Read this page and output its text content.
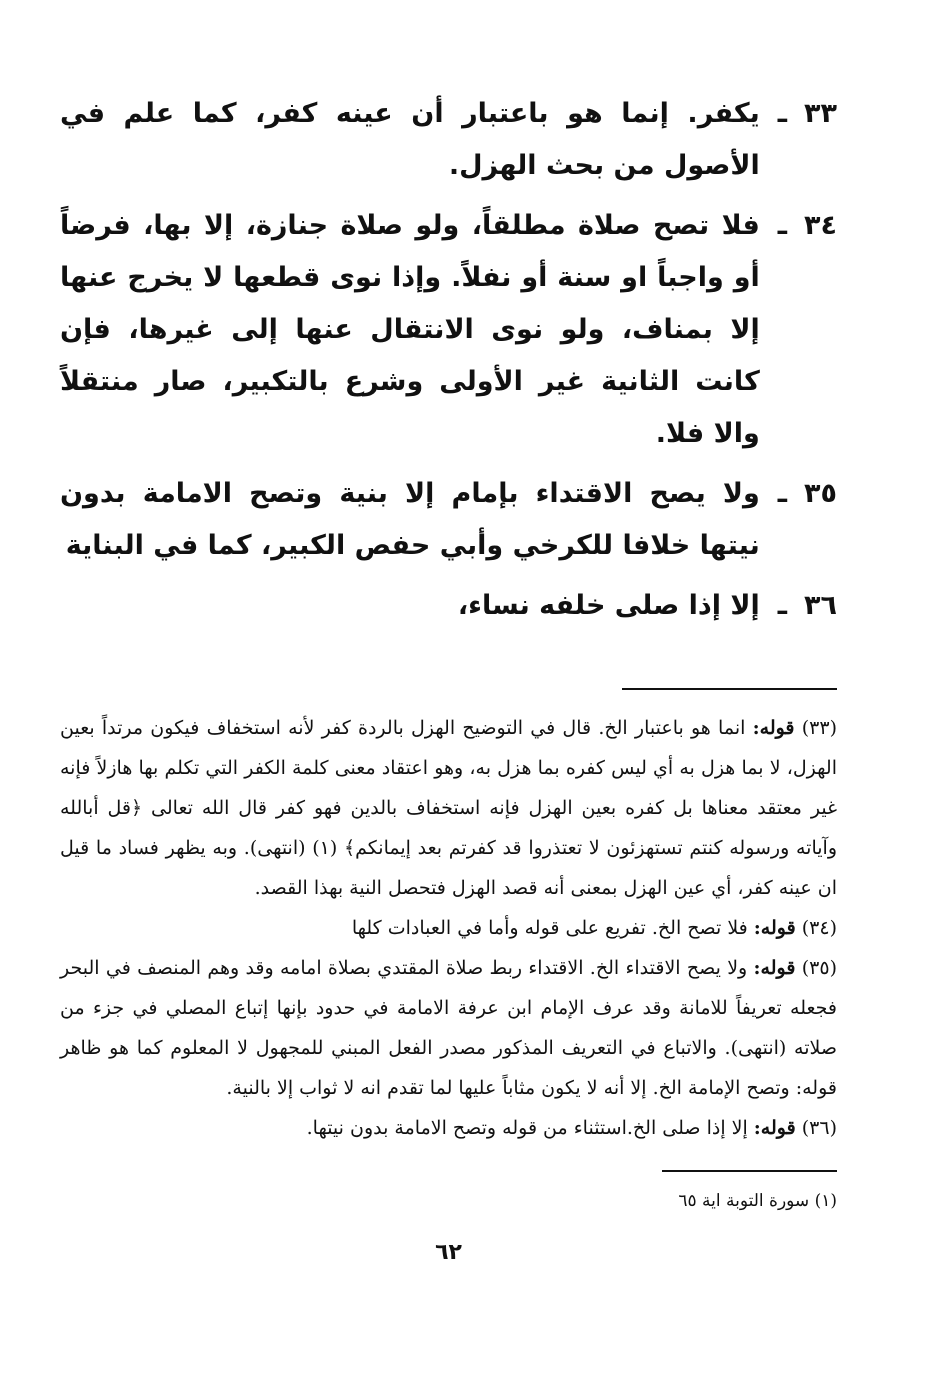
٣٣
ـ
يكفر. إنما هو باعتبار أن عينه كفر، كما علم في الأصول من بحث الهزل.
٣٤
ـ
فلا تصح صلاة مطلقاً، ولو صلاة جنازة، إلا بها، فرضاً أو واجباً او سنة أو نفلاً. وإذا نوى قطعها لا يخرج عنها إلا بمناف، ولو نوى الانتقال عنها إلى غيرها، فإن كانت الثانية غير الأولى وشرع بالتكبير، صار منتقلاً والا فلا.
٣٥
ـ
ولا يصح الاقتداء بإمام إلا بنية وتصح الامامة بدون نيتها خلافا للكرخي وأبي حفص الكبير، كما في البناية
٣٦
ـ
إلا إذا صلى خلفه نساء،

(٣٣) قوله: انما هو باعتبار الخ. قال في التوضيح الهزل بالردة كفر لأنه استخفاف فيكون مرتداً بعين الهزل، لا بما هزل به أي ليس كفره بما هزل به، وهو اعتقاد معنى كلمة الكفر التي تكلم بها هازلاً فإنه غير معتقد معناها بل كفره بعين الهزل فإنه استخفاف بالدين فهو كفر قال الله تعالى ﴿قل أبالله وآياته ورسوله كنتم تستهزئون لا تعتذروا قد كفرتم بعد إيمانكم﴾ (١) (انتهى). وبه يظهر فساد ما قيل ان عينه كفر، أي عين الهزل بمعنى أنه قصد الهزل فتحصل النية بهذا القصد.

(٣٤) قوله: فلا تصح الخ. تفريع على قوله وأما في العبادات كلها

(٣٥) قوله: ولا يصح الاقتداء الخ. الاقتداء ربط صلاة المقتدي بصلاة امامه وقد وهم المنصف في البحر فجعله تعريفاً للامانة وقد عرف الإمام ابن عرفة الامامة في حدود بإنها إتباع المصلي في جزء من صلاته (انتهى). والاتباع في التعريف المذكور مصدر الفعل المبني للمجهول لا المعلوم كما هو ظاهر قوله: وتصح الإمامة الخ. إلا أنه لا يكون مثاباً عليها لما تقدم انه لا ثواب إلا بالنية.

(٣٦) قوله: إلا إذا صلى الخ.استثناء من قوله وتصح الامامة بدون نيتها.

(١) سورة التوبة اية ٦٥

٦٢
